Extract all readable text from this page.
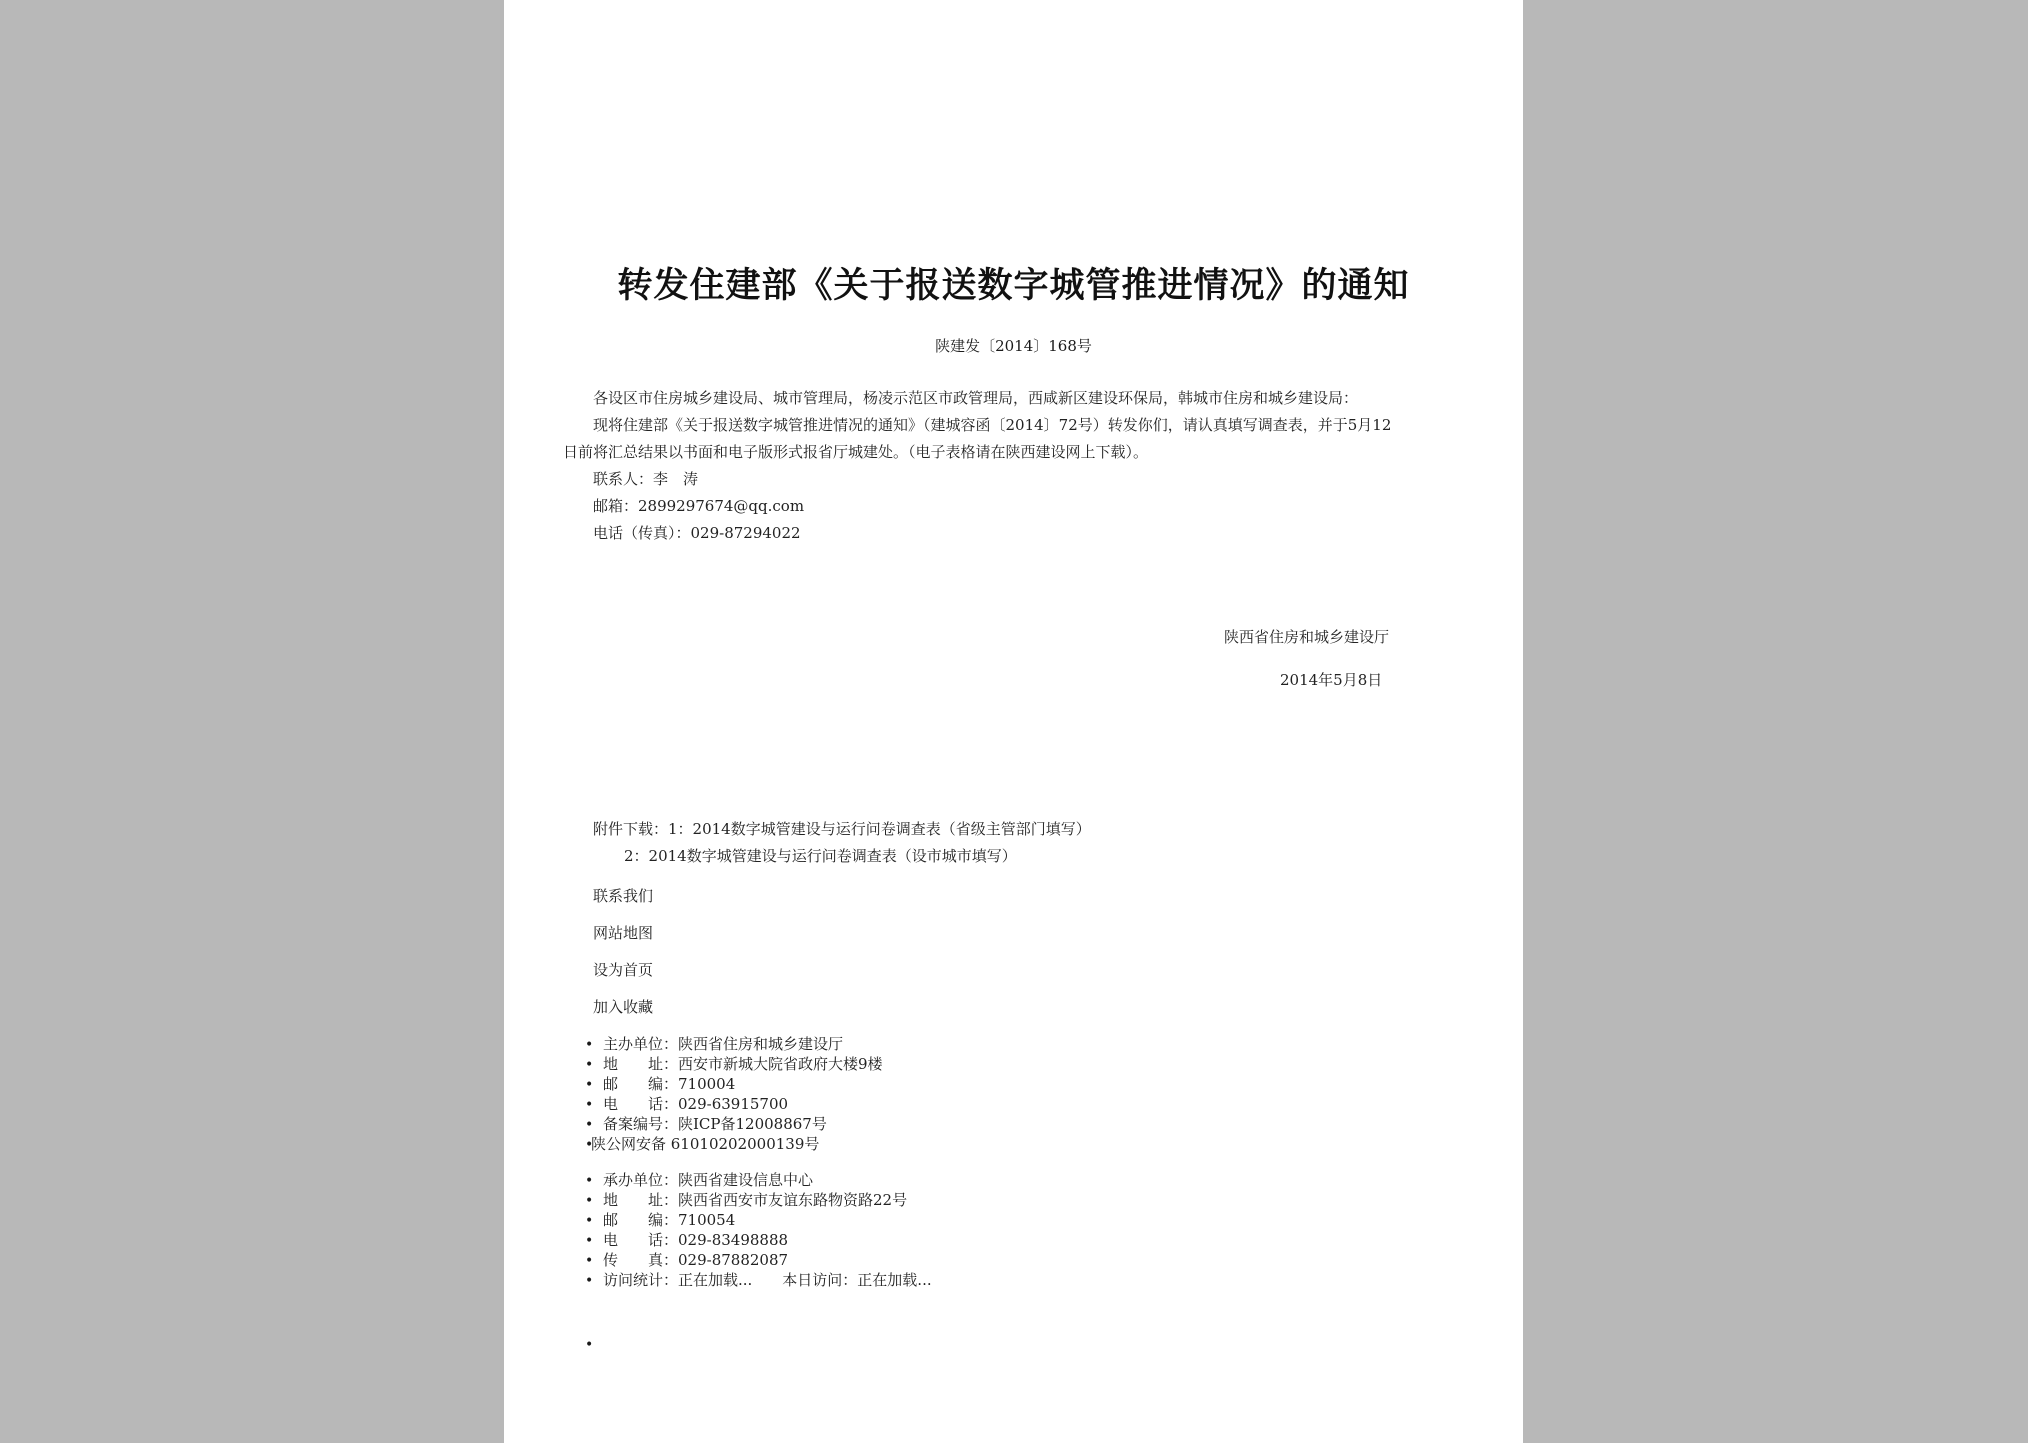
转发住建部《关于报送数字城管推进情况》的通知
陕建发〔2014〕168号
各设区市住房城乡建设局、城市管理局，杨凌示范区市政管理局，西咸新区建设环保局，韩城市住房和城乡建设局：
现将住建部《关于报送数字城管推进情况的通知》（建城容函〔2014〕72号）转发你们，请认真填写调查表，并于5月12
日前将汇总结果以书面和电子版形式报省厅城建处。（电子表格请在陕西建设网上下载）。
联系人：李　涛
邮箱：2899297674@qq.com
电话（传真）：029-87294022
陕西省住房和城乡建设厅
2014年5月8日
附件下载：1：2014数字城管建设与运行问卷调查表（省级主管部门填写）
2：2014数字城管建设与运行问卷调查表（设市城市填写）
联系我们
网站地图
设为首页
加入收藏
• 主办单位：陕西省住房和城乡建设厅
• 地　　址：西安市新城大院省政府大楼9楼
• 邮　　编：710004
• 电　　话：029-63915700
• 备案编号：陕ICP备12008867号
•
陕公网安备 61010202000139号
• 承办单位：陕西省建设信息中心
• 地　　址：陕西省西安市友谊东路物资路22号
• 邮　　编：710054
• 电　　话：029-83498888
• 传　　真：029-87882087
• 访问统计：正在加载...　　本日访问：正在加载...
•
